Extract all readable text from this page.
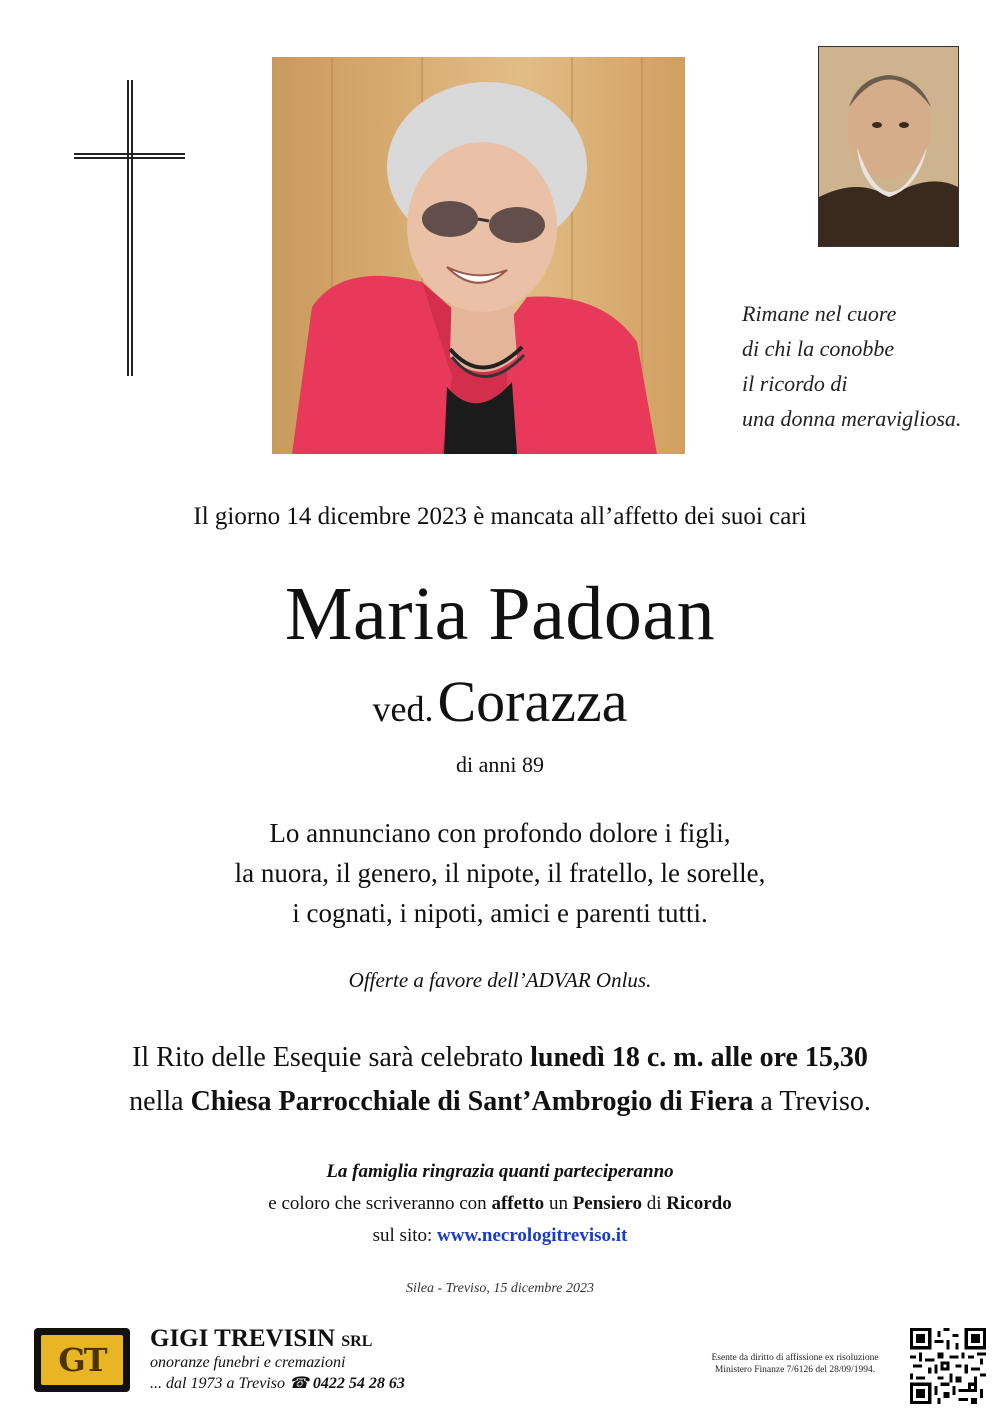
Rimane nel cuore
di chi la conobbe
il ricordo di
una donna meravigliosa.
Il giorno 14 dicembre 2023 è mancata all’affetto dei suoi cari
Maria Padoan
ved. Corazza
di anni 89
Lo annunciano con profondo dolore i figli,
la nuora, il genero, il nipote, il fratello, le sorelle,
i cognati, i nipoti, amici e parenti tutti.
Offerte a favore dell’ADVAR Onlus.
Il Rito delle Esequie sarà celebrato lunedì 18 c. m. alle ore 15,30
nella Chiesa Parrocchiale di Sant’Ambrogio di Fiera a Treviso.
La famiglia ringrazia quanti parteciperanno
e coloro che scriveranno con affetto un Pensiero di Ricordo
sul sito: www.necrologitreviso.it
Silea - Treviso, 15 dicembre 2023
GT
GIGI TREVISIN SRL
onoranze funebri e cremazioni
... dal 1973 a Treviso ☎ 0422 54 28 63
Esente da diritto di affissione ex risoluzione
Ministero Finanze 7/6126 del 28/09/1994.
